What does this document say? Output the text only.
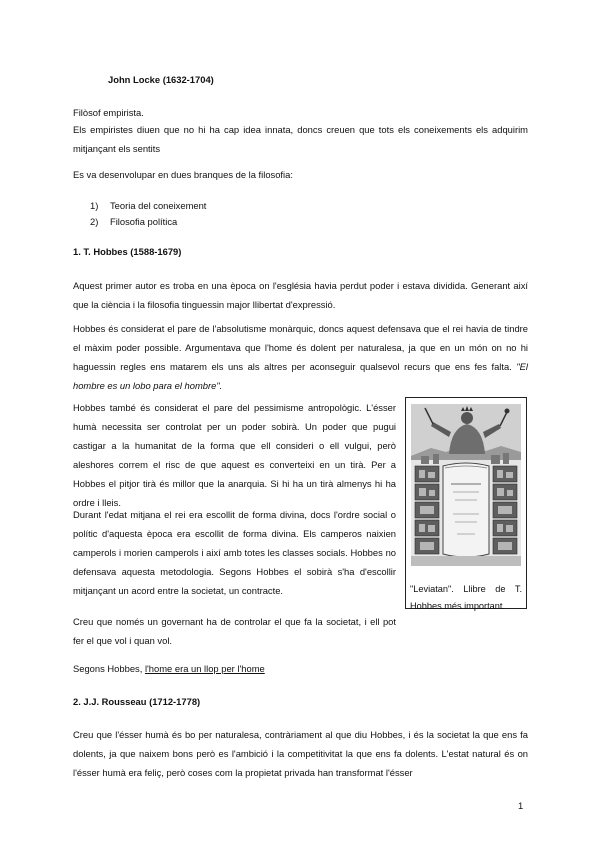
John Locke (1632-1704)

Filòsof empirista.

Els empiristes diuen que no hi ha cap idea innata, doncs creuen que tots els coneixements els adquirim mitjançant els sentits

Es va desenvolupar en dues branques de la filosofia:

1) Teoria del coneixement
2) Filosofia política

1. T. Hobbes (1588-1679)

Aquest primer autor es troba en una època on l'església havia perdut poder i estava dividida. Generant així que la ciència i la filosofia tinguessin major llibertat d'expressió.

Hobbes és considerat el pare de l'absolutisme monàrquic, doncs aquest defensava que el rei havia de tindre el màxim poder possible. Argumentava que l'home és dolent per naturalesa, ja que en un món on no hi haguessin regles ens matarem els uns als altres per aconseguir qualsevol recurs que ens fes falta. "El hombre es un lobo para el hombre".

Hobbes també és considerat el pare del pessimisme antropològic. L'ésser humà necessita ser controlat per un poder sobirà. Un poder que pugui castigar a la humanitat de la forma que ell consideri o ell vulgui, però aleshores correm el risc de que aquest es converteixi en un tirà. Per a Hobbes el pitjor tirà és millor que la anarquia. Si hi ha un tirà almenys hi ha ordre i lleis.

Durant l'edat mitjana el rei era escollit de forma divina, docs l'ordre social o polític d'aquesta època era escollit de forma divina. Els camperos naixien camperols i morien camperols i així amb totes les classes socials. Hobbes no defensava aquesta metodologia. Segons Hobbes el sobirà s'ha d'escollir mitjançant un acord entre la societat, un contracte.

Creu que només un governant ha de controlar el que fa la societat, i ell pot fer el que vol i quan vol.

Segons Hobbes, l'home era un llop per l'home

"Leviatan". Llibre de T. Hobbes més important.

2. J.J. Rousseau (1712-1778)

Creu que l'ésser humà és bo per naturalesa, contràriament al que diu Hobbes, i és la societat la que ens fa dolents, ja que naixem bons però es l'ambició i la competitivitat la que ens fa dolents. L'estat natural és on l'ésser humà era feliç, però coses com la propietat privada han transformat l'ésser

1
